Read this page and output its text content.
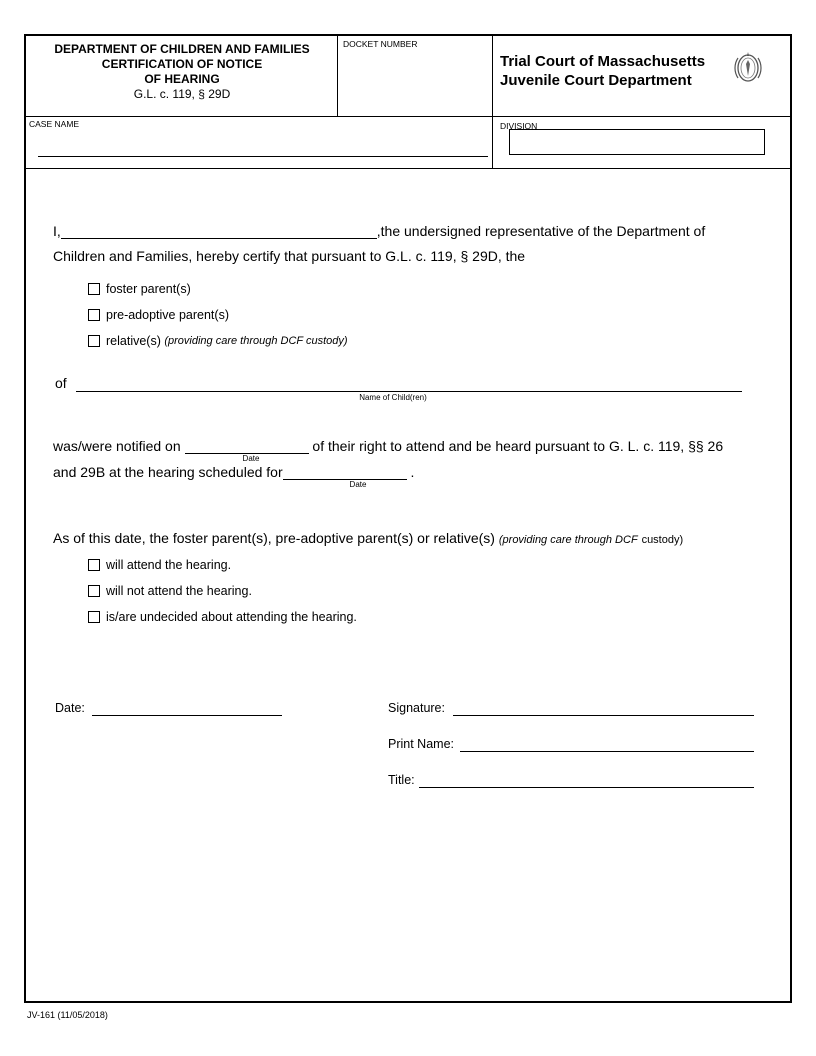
DEPARTMENT OF CHILDREN AND FAMILIES
CERTIFICATION OF NOTICE
OF HEARING
G.L. c. 119, § 29D
DOCKET NUMBER
Trial Court of Massachusetts
Juvenile Court Department
CASE NAME	DIVISION
I,	,the undersigned representative of the Department of
Children and Families, hereby certify that pursuant to G.L. c. 119, § 29D, the
foster parent(s)
pre-adoptive parent(s)
relative(s)
(providing care through DCF custody)
of
Name of Child(ren)
was/were notified on	of their right to attend and be heard pursuant to G. L. c. 119, §§ 26
Date
and 29B at the hearing scheduled for	.
Date
As of this date, the foster parent(s), pre-adoptive parent(s) or relative(s) (providing care through DCF custody)
will attend the hearing.
will not attend the hearing.
is/are undecided about attending the hearing.
Date:	Signature:
Print Name:
Title:
JV-161 (11/05/2018)
